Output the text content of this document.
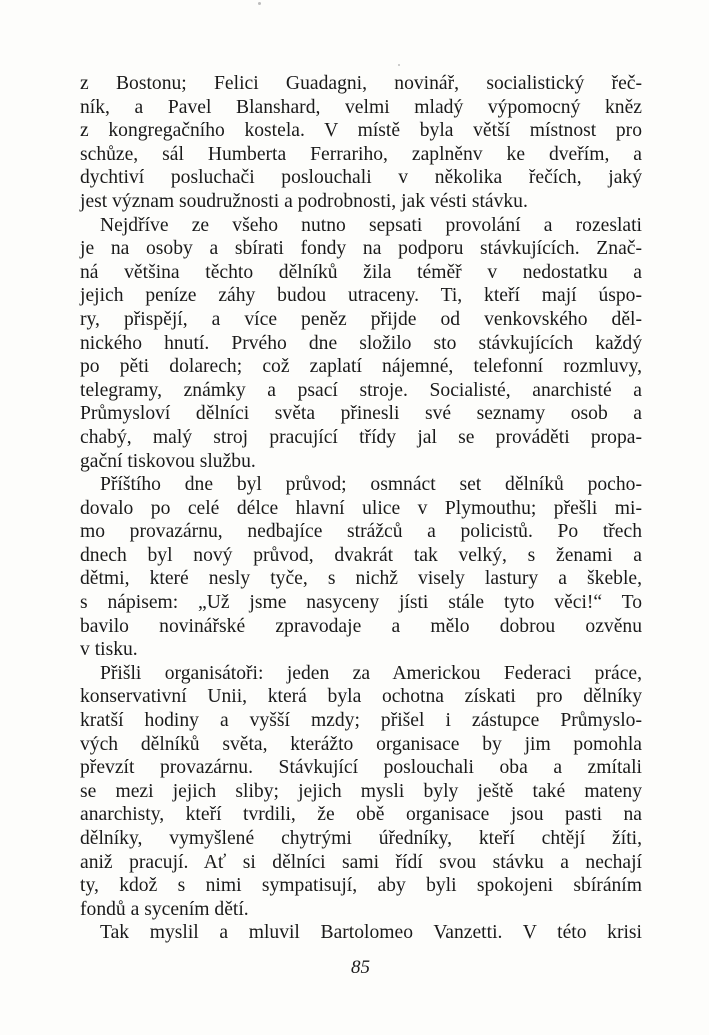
z Bostonu; Felici Guadagni, novinář, socialistický řeč-
ník, a Pavel Blanshard, velmi mladý výpomocný kněz
z kongregačního kostela. V místě byla větší místnost pro
schůze, sál Humberta Ferrariho, zaplněnv ke dveřím, a
dychtiví posluchači poslouchali v několika řečích, jaký
jest význam soudružnosti a podrobnosti, jak vésti stávku.
Nejdříve ze všeho nutno sepsati provolání a rozeslati
je na osoby a sbírati fondy na podporu stávkujících. Znač-
ná většina těchto dělníků žila téměř v nedostatku a
jejich peníze záhy budou utraceny. Ti, kteří mají úspo-
ry, přispějí, a více peněz přijde od venkovského děl-
nického hnutí. Prvého dne složilo sto stávkujících každý
po pěti dolarech; což zaplatí nájemné, telefonní rozmluvy,
telegramy, známky a psací stroje. Socialisté, anarchisté a
Průmysloví dělníci světa přinesli své seznamy osob a
chabý, malý stroj pracující třídy jal se prováděti propa-
gační tiskovou službu.
Příštího dne byl průvod; osmnáct set dělníků pocho-
dovalo po celé délce hlavní ulice v Plymouthu; přešli mi-
mo provazárnu, nedbajíce strážců a policistů. Po třech
dnech byl nový průvod, dvakrát tak velký, s ženami a
dětmi, které nesly tyče, s nichž visely lastury a škeble,
s nápisem: „Už jsme nasyceny jísti stále tyto věci!“ To
bavilo novinářské zpravodaje a mělo dobrou ozvěnu
v tisku.
Přišli organisátoři: jeden za Americkou Federaci práce,
konservativní Unii, která byla ochotna získati pro dělníky
kratší hodiny a vyšší mzdy; přišel i zástupce Průmyslo-
vých dělníků světa, kterážto organisace by jim pomohla
převzít provazárnu. Stávkující poslouchali oba a zmítali
se mezi jejich sliby; jejich mysli byly ještě také mateny
anarchisty, kteří tvrdili, že obě organisace jsou pasti na
dělníky, vymyšlené chytrými úředníky, kteří chtějí žíti,
aniž pracují. Ať si dělníci sami řídí svou stávku a nechají
ty, kdož s nimi sympatisují, aby byli spokojeni sbíráním
fondů a sycením dětí.
Tak myslil a mluvil Bartolomeo Vanzetti. V této krisi
85
